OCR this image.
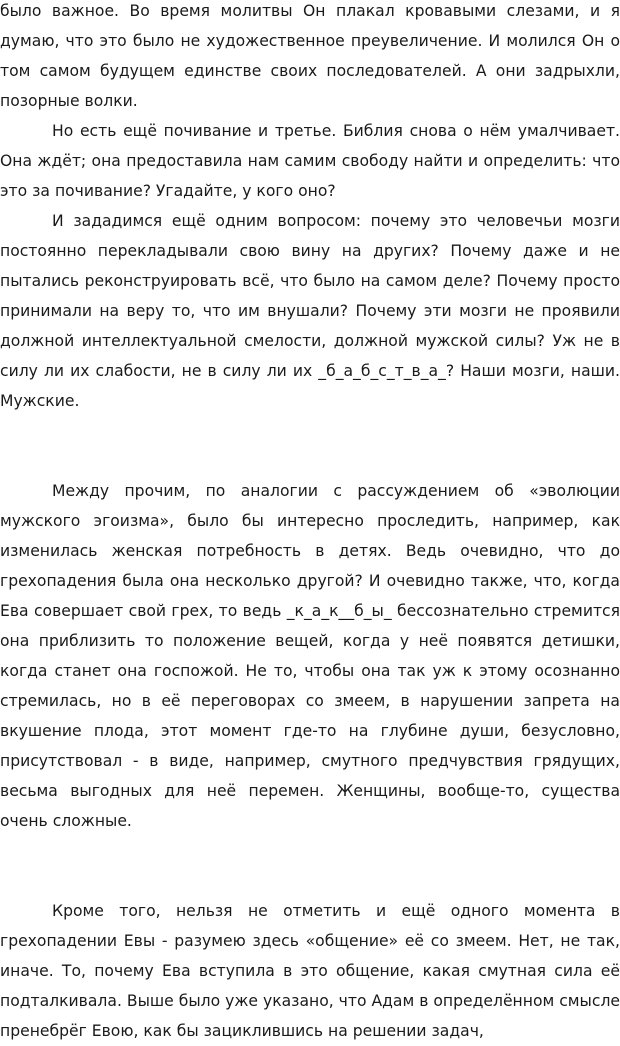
было важное. Во время молитвы Он плакал кровавыми слезами, и я думаю, что это было не художественное преувеличение. И молился Он о том самом будущем единстве своих последователей. А они задрыхли, позорные волки.

Но есть ещё почивание и третье. Библия снова о нём умалчивает. Она ждёт; она предоставила нам самим свободу найти и определить: что это за почивание? Угадайте, у кого оно?

И зададимся ещё одним вопросом: почему это человечьи мозги постоянно перекладывали свою вину на других? Почему даже и не пытались реконструировать всё, что было на самом деле? Почему просто принимали на веру то, что им внушали? Почему эти мозги не проявили должной интеллектуальной смелости, должной мужской силы? Уж не в силу ли их слабости, не в силу ли их _б_а_б_с_т_в_а_? Наши мозги, наши. Мужские.

Между прочим, по аналогии с рассуждением об «эволюции мужского эгоизма», было бы интересно проследить, например, как изменилась женская потребность в детях. Ведь очевидно, что до грехопадения была она несколько другой? И очевидно также, что, когда Ева совершает свой грех, то ведь _к_а_к__б_ы_ бессознательно стремится она приблизить то положение вещей, когда у неё появятся детишки, когда станет она госпожой. Не то, чтобы она так уж к этому осознанно стремилась, но в её переговорах со змеем, в нарушении запрета на вкушение плода, этот момент где-то на глубине души, безусловно, присутствовал - в виде, например, смутного предчувствия грядущих, весьма выгодных для неё перемен. Женщины, вообще-то, существа очень сложные.

Кроме того, нельзя не отметить и ещё одного момента в грехопадении Евы - разумею здесь «общение» её со змеем. Нет, не так, иначе. То, почему Ева вступила в это общение, какая смутная сила её подталкивала. Выше было уже указано, что Адам в определённом смысле пренебрёг Евою, как бы зациклившись на решении задач,
